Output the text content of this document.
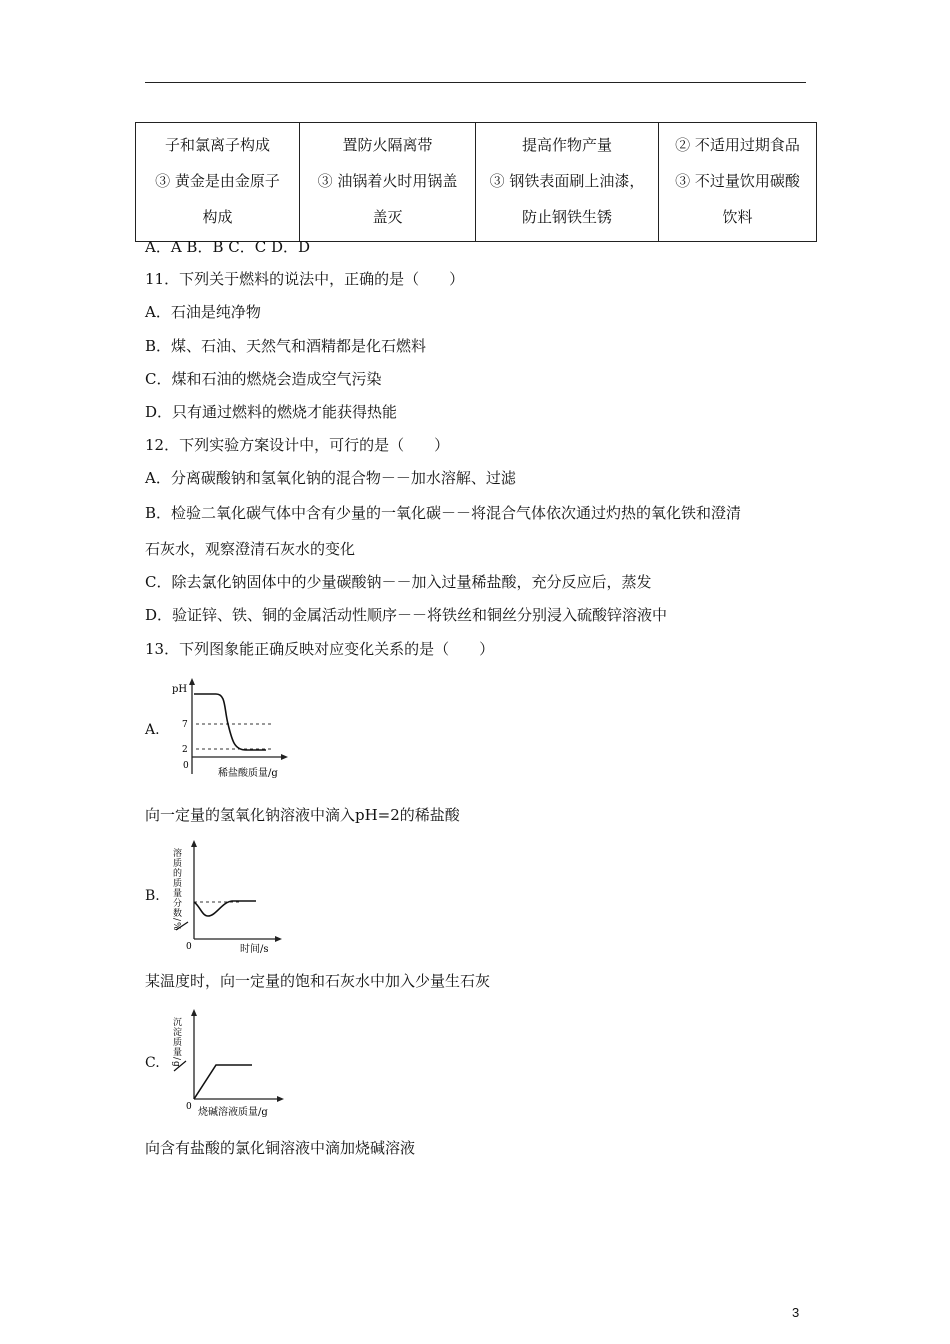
子和氯离子构成
③ 黄金是由金原子
构成

置防火隔离带
③ 油锅着火时用锅盖
盖灭

提高作物产量
③ 钢铁表面刷上油漆，
防止钢铁生锈

② 不适用过期食品
③ 不过量饮用碳酸
饮料
A．A B．B C．C D．D
11．下列关于燃料的说法中，正确的是（　　）
A．石油是纯净物
B．煤、石油、天然气和酒精都是化石燃料
C．煤和石油的燃烧会造成空气污染
D．只有通过燃料的燃烧才能获得热能
12．下列实验方案设计中，可行的是（　　）
A．分离碳酸钠和氢氧化钠的混合物－－加水溶解、过滤
B．检验二氧化碳气体中含有少量的一氧化碳－－将混合气体依次通过灼热的氧化铁和澄清
石灰水，观察澄清石灰水的变化
C．除去氯化钠固体中的少量碳酸钠－－加入过量稀盐酸，充分反应后，蒸发
D．验证锌、铁、铜的金属活动性顺序－－将铁丝和铜丝分别浸入硫酸锌溶液中
13．下列图象能正确反映对应变化关系的是（　　）
A.
pH
7
2
0
稀盐酸质量/g
向一定量的氢氧化钠溶液中滴入pH=2的稀盐酸
B. 溶质的质量分数/%
0	时间/s
某温度时，向一定量的饱和石灰水中加入少量生石灰
C. 沉淀质量/g
0 烧碱溶液质量/g
向含有盐酸的氯化铜溶液中滴加烧碱溶液
3
